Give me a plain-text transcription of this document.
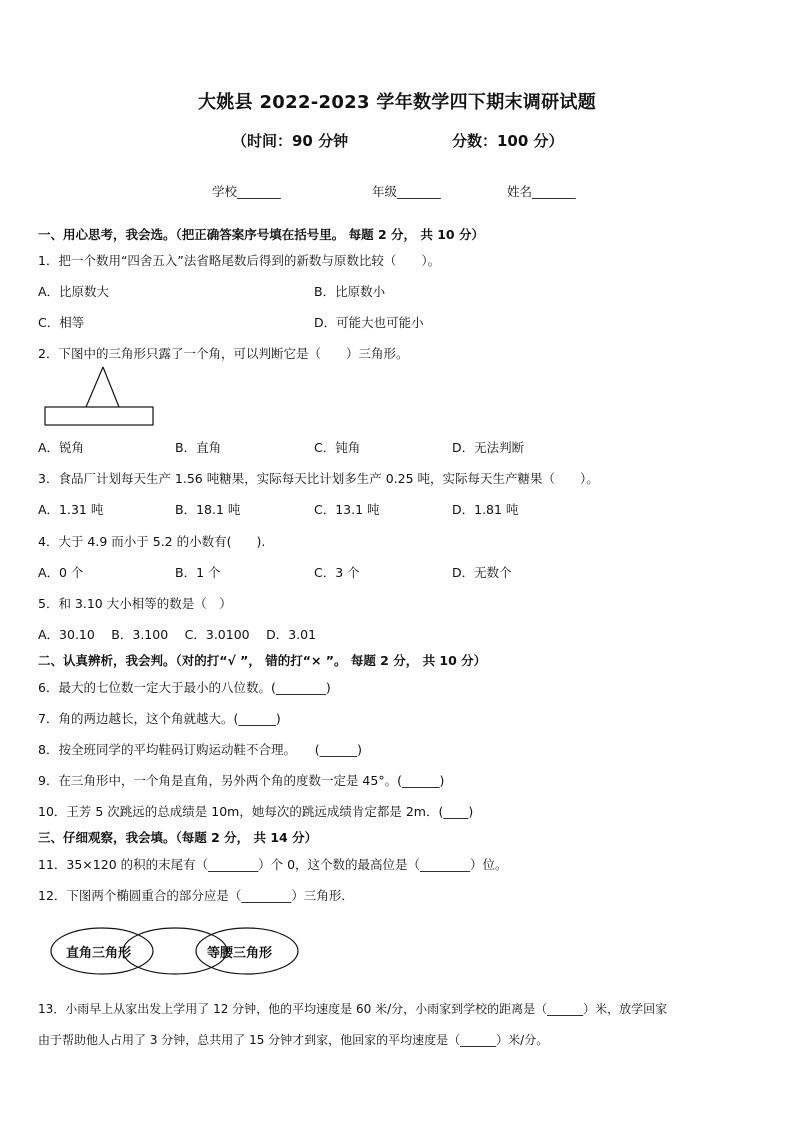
大姚县 2022-2023 学年数学四下期末调研试题
（时间：90 分钟	分数：100 分）
学校_______	年级_______	姓名_______
一、用心思考，我会选。（把正确答案序号填在括号里。 每题 2 分， 共 10 分）
1．把一个数用“四舍五入”法省略尾数后得到的新数与原数比较（　　）。
A．比原数大	B．比原数小
C．相等	D．可能大也可能小
2．下图中的三角形只露了一个角，可以判断它是（　　）三角形。
A．锐角	B．直角	C．钝角	D．无法判断
3．食品厂计划每天生产 1.56 吨糖果，实际每天比计划多生产 0.25 吨，实际每天生产糖果（　　）。
A．1.31 吨	B．18.1 吨	C．13.1 吨	D．1.81 吨
4．大于 4.9 而小于 5.2 的小数有(　　).
A．0 个	B．1 个	C．3 个	D．无数个
5．和 3.10 大小相等的数是（　）
A．30.10　 B．3.100　 C．3.0100　 D．3.01
二、认真辨析，我会判。（对的打“√ ”， 错的打“× ”。 每题 2 分， 共 10 分）
6．最大的七位数一定大于最小的八位数。(________)
7．角的两边越长，这个角就越大。(______)
8．按全班同学的平均鞋码订购运动鞋不合理。　　(______)
9．在三角形中，一个角是直角，另外两个角的度数一定是 45°。(______)
10．王芳 5 次跳远的总成绩是 10m，她每次的跳远成绩肯定都是 2m．(____)
三、仔细观察，我会填。（每题 2 分， 共 14 分）
11．35×120 的积的末尾有（________）个 0，这个数的最高位是（________）位。
12．下图两个椭圆重合的部分应是（________）三角形．
直角三角形	等腰三角形
13．小雨早上从家出发上学用了 12 分钟，他的平均速度是 60 米/分，小雨家到学校的距离是（______）米，放学回家
由于帮助他人占用了 3 分钟，总共用了 15 分钟才到家，他回家的平均速度是（______）米/分。
